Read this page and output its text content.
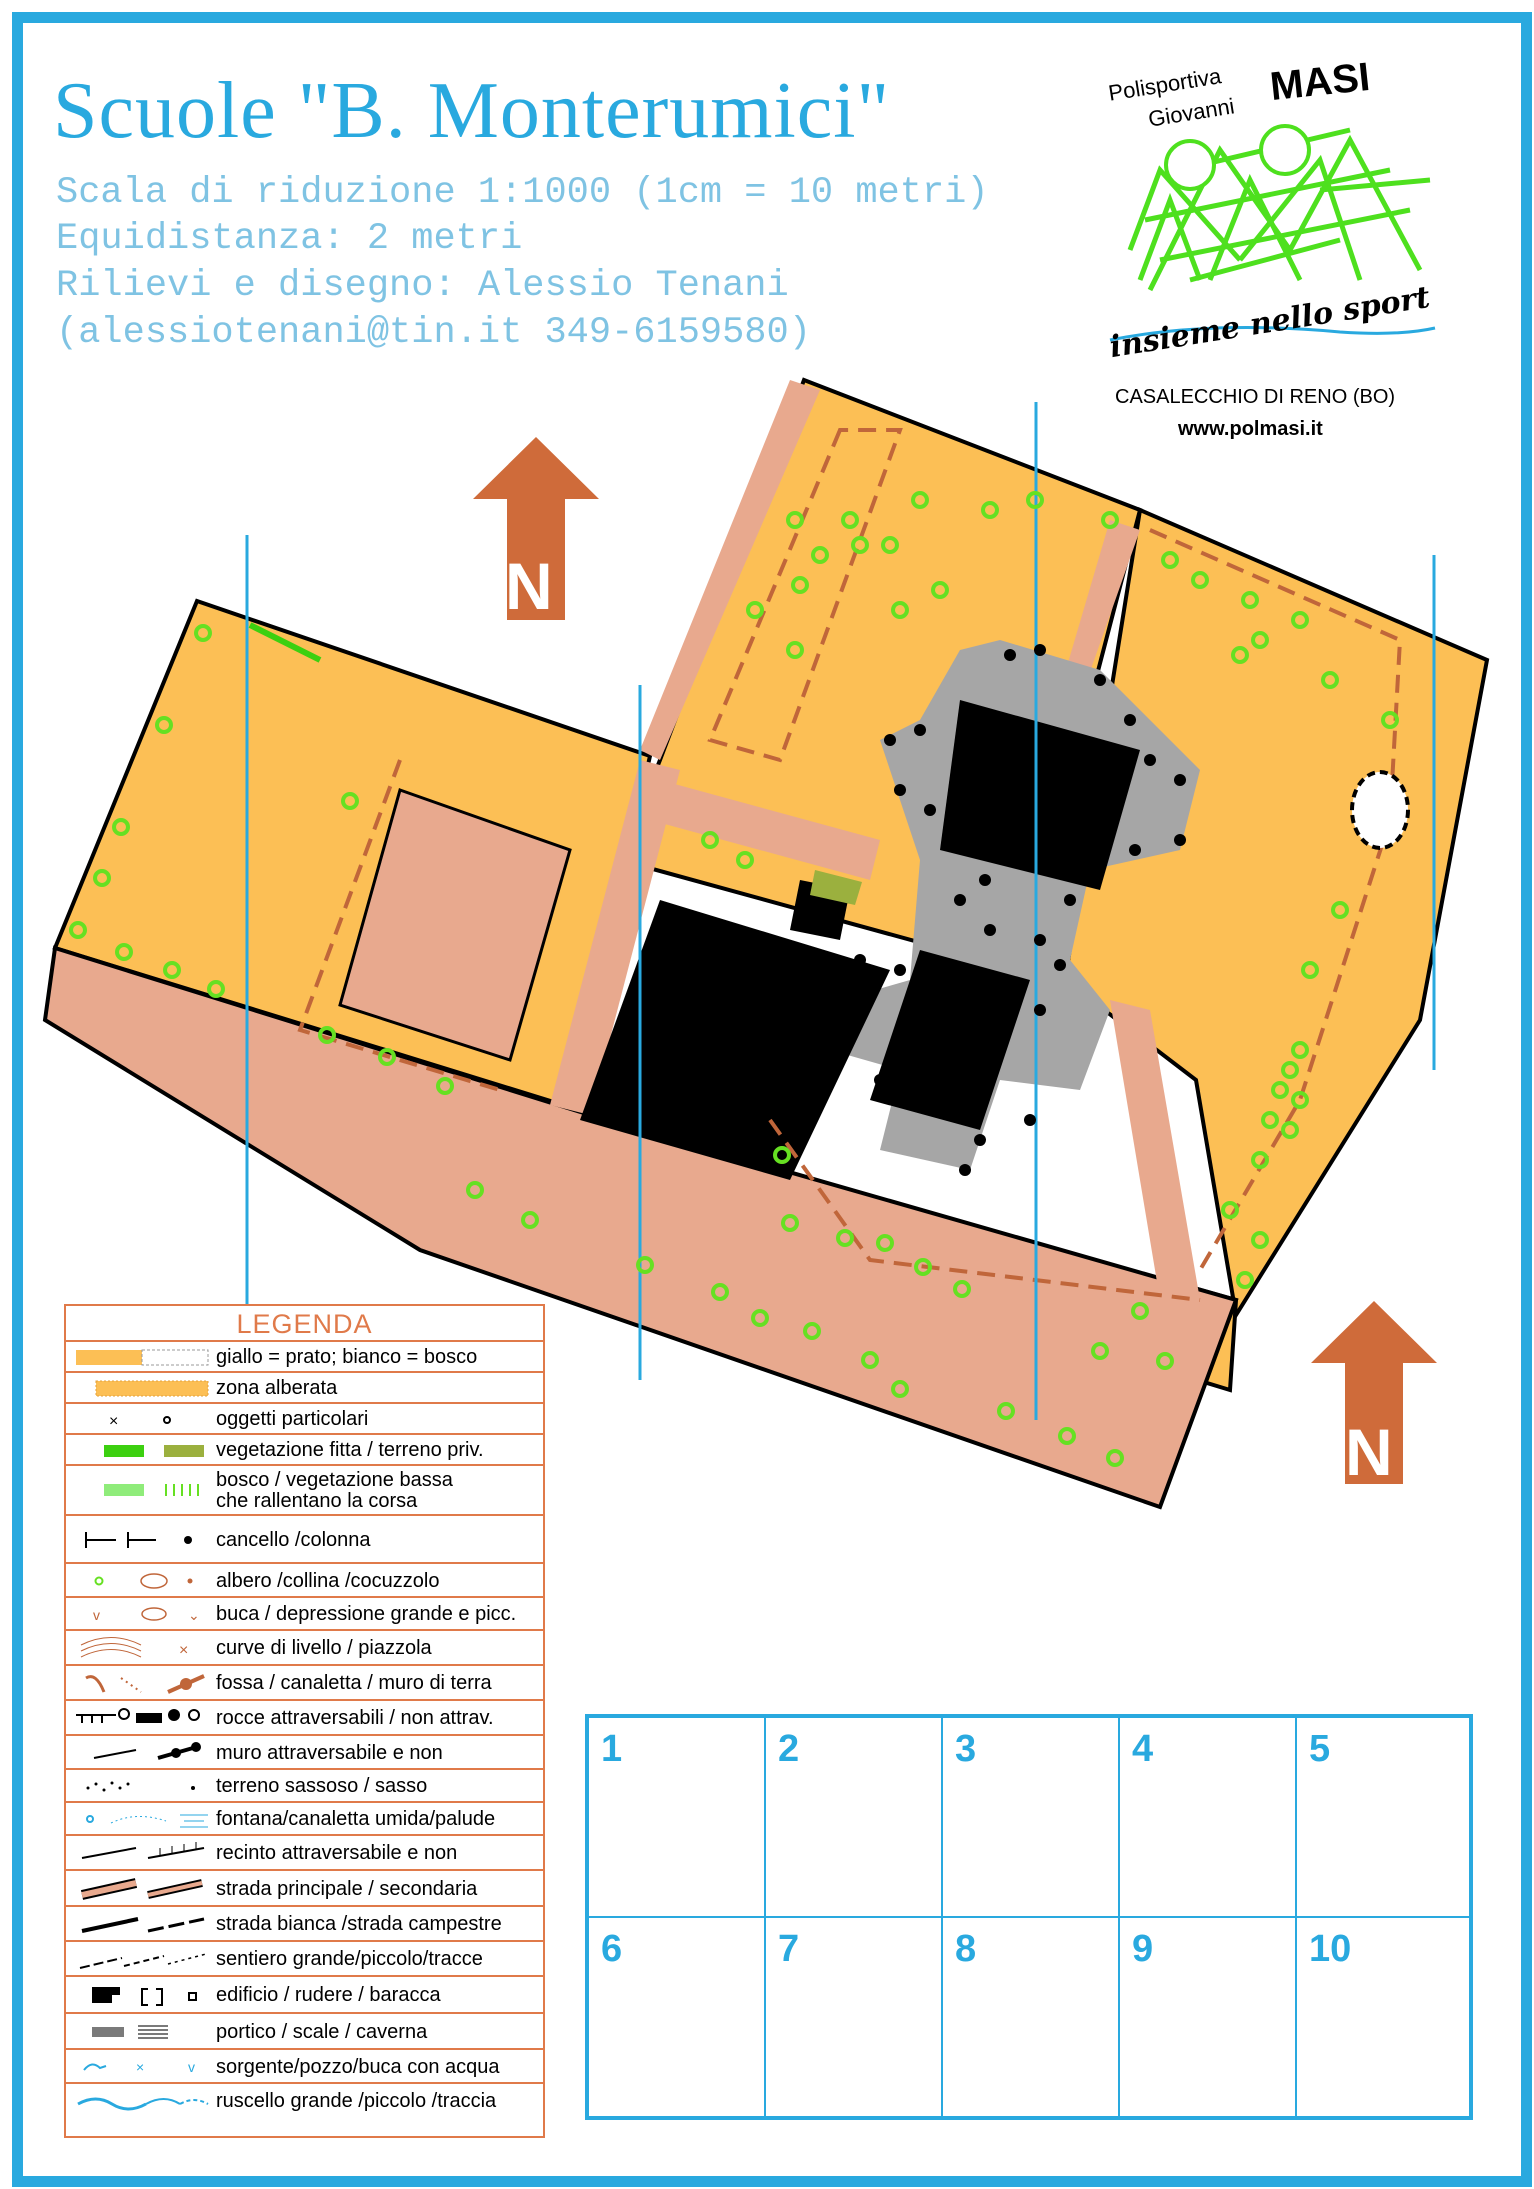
Scuole "B. Monterumici"
Scala di riduzione 1:1000 (1cm = 10 metri)
Equidistanza: 2 metri
Rilievi e disegno: Alessio Tenani
(alessiotenani@tin.it 349-6159580)
Polisportiva
Giovanni
MASI
insieme nello sport
CASALECCHIO DI RENO (BO)
www.polmasi.it
N
N
LEGENDA
giallo = prato; bianco = bosco
zona alberata
×	oggetti particolari
vegetazione fitta / terreno priv.
bosco / vegetazione bassa
che rallentano la corsa
cancello /colonna
albero /collina /cocuzzolo
v	⌄ buca / depressione grande e picc.
× curve di livello / piazzola
fossa / canaletta / muro di terra
rocce attraversabili / non attrav.
muro attraversabile e non
terreno sassoso / sasso
fontana/canaletta umida/palude
recinto attraversabile e non
strada principale / secondaria
strada bianca /strada campestre
sentiero grande/piccolo/tracce
edificio / rudere / baracca
portico / scale / caverna
×	v sorgente/pozzo/buca con acqua
ruscello grande /piccolo /traccia
1	2	3	4	5
6	7	8	9	10
